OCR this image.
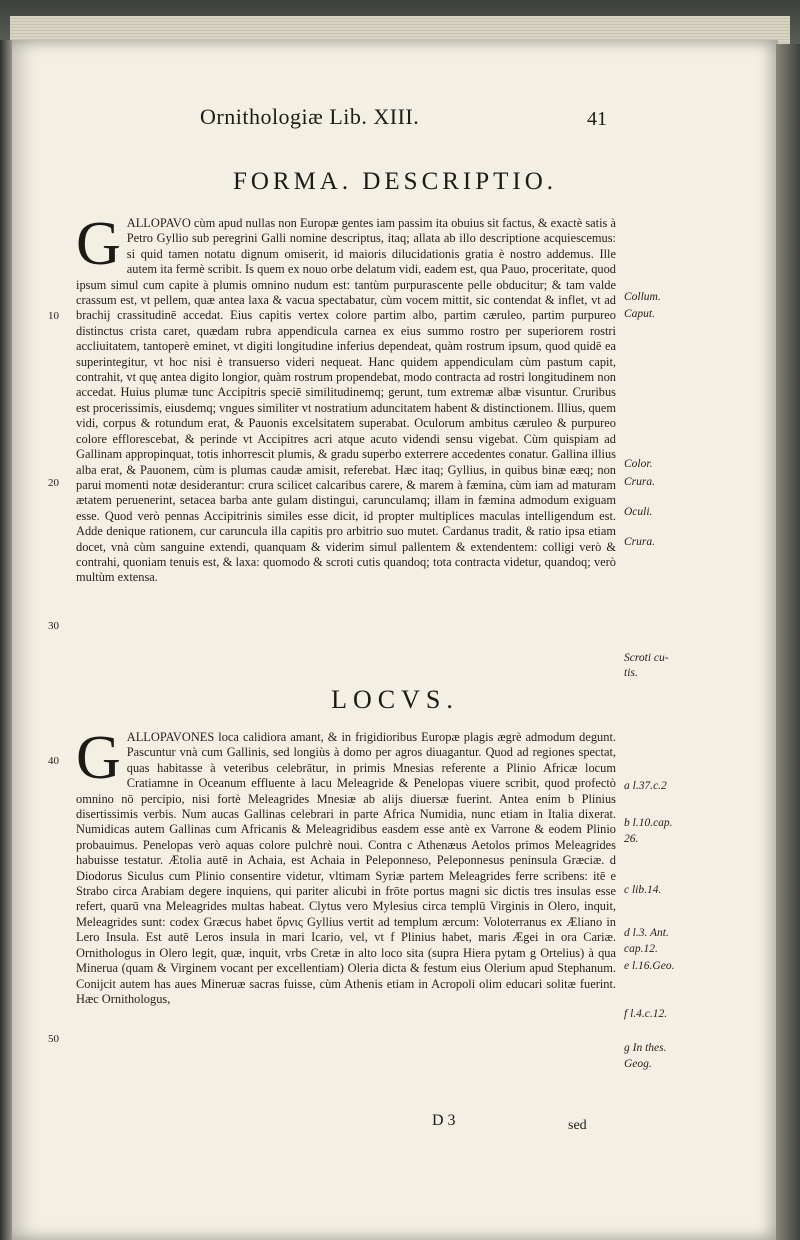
Ornithologiæ Lib. XIII.	41
FORMA. DESCRIPTIO.

GALLOPAVO cùm apud nullas non Europæ gentes iam passim ita obuius sit factus, & exactè satis à Petro Gyllio sub peregrini Galli nomine descriptus, itaq; allata ab illo descriptione acquiescemus: si quid tamen notatu dignum omiserit, id maioris dilucidationis gratia è nostro addemus. Ille autem ita fermè scribit. Is quem ex nouo orbe delatum vidi, eadem est, qua Pauo, proceritate, quod ipsum simul cum capite à plumis omnino nudum est: tantùm purpurascente pelle obducitur; & tam valde crassum est, vt pellem, quæ antea laxa & vacua spectabatur, cùm vocem mittit, sic contendat & inflet, vt ad brachij crassitudinē accedat. Eius capitis vertex colore partim albo, partim cæruleo, partim purpureo distinctus crista caret, quædam rubra appendicula carnea ex eius summo rostro per superiorem rostri accliuitatem, tantoperè eminet, vt digiti longitudine inferius dependeat, quàm rostrum ipsum, quod quidē ea superintegitur, vt hoc nisi è transuerso videri nequeat. Hanc quidem appendiculam cùm pastum capit, contrahit, vt quę antea digito longior, quàm rostrum propendebat, modo contracta ad rostri longitudinem non accedat. Huius plumæ tunc Accipitris speciē similitudinemq; gerunt, tum extremæ albæ visuntur. Cruribus est procerissimis, eiusdemq; vngues similiter vt nostratium aduncitatem habent & distinctionem. Illius, quem vidi, corpus & rotundum erat, & Pauonis excelsitatem superabat. Oculorum ambitus cæruleo & purpureo colore efflorescebat, & perinde vt Accipitres acri atque acuto videndi sensu vigebat. Cùm quispiam ad Gallinam appropinquat, totis inhorrescit plumis, & gradu superbo exterrere accedentes conatur. Gallina illius alba erat, & Pauonem, cùm is plumas caudæ amisit, referebat. Hæc itaq; Gyllius, in quibus binæ eæq; non parui momenti notæ desiderantur: crura scilicet calcaribus carere, & marem à fæmina, cùm iam ad maturam ætatem peruenerint, setacea barba ante gulam distingui, carunculamq; illam in fæmina admodum exiguam esse. Quod verò pennas Accipitrinis similes esse dicit, id propter multiplices maculas intelligendum est. Adde denique rationem, cur caruncula illa capitis pro arbitrio suo mutet. Cardanus tradit, & ratio ipsa etiam docet, vnà cùm sanguine extendi, quanquam & viderim simul pallentem & extendentem: colligi verò & contrahi, quoniam tenuis est, & laxa: quomodo & scroti cutis quandoq; tota contracta videtur, quandoq; verò multùm extensa.

10
20
30
40
50
LOCVS.

GALLOPAVONES loca calidiora amant, & in frigidioribus Europæ plagis ægrè admodum degunt. Pascuntur vnà cum Gallinis, sed longiùs à domo per agros diuagantur. Quod ad regiones spectat, quas habitasse à veteribus celebrātur, in primis Mnesias referente a Plinio Africæ locum Cratiamne in Oceanum effluente à lacu Meleagride & Penelopas viuere scribit, quod profectò omnino nō percipio, nisi fortè Meleagrides Mnesiæ ab alijs diuersæ fuerint. Antea enim b Plinius disertissimis verbis. Num aucas Gallinas celebrari in parte Africa Numidia, nunc etiam in Italia dixerat. Numidicas autem Gallinas cum Africanis & Meleagridibus easdem esse antè ex Varrone & eodem Plinio probauimus. Penelopas verò aquas colore pulchrè noui. Contra c Athenæus Aetolos primos Meleagrides habuisse testatur. Ætolia autē in Achaia, est Achaia in Peleponneso, Peleponnesus peninsula Græciæ. d Diodorus Siculus cum Plinio consentire videtur, vltimam Syriæ partem Meleagrides ferre scribens: itē e Strabo circa Arabiam degere inquiens, qui pariter alicubi in frōte portus magni sic dictis tres insulas esse refert, quarū vna Meleagrides multas habeat. Clytus vero Mylesius circa templū Virginis in Olero, inquit, Meleagrides sunt: codex Græcus habet ὄρνις Gyllius vertit ad templum ærcum: Voloterranus ex Æliano in Lero Insula. Est autē Leros insula in mari Icario, vel, vt f Plinius habet, maris Ægei in ora Cariæ. Ornithologus in Olero legit, quæ, inquit, vrbs Cretæ in alto loco sita (supra Hiera pytam g Ortelius) à qua Minerua (quam & Virginem vocant per excellentiam) Oleria dicta & festum eius Olerium apud Stephanum. Conijcit autem has aues Mineruæ sacras fuisse, cùm Athenis etiam in Acropoli olim educari solitæ fuerint. Hæc Ornithologus,

Collum.
Caput.
Color.
Crura.
Oculi.
Crura.
Scroti cu-
tis.
a l.37.c.2
b l.10.cap.
26.
c lib.14.
d l.3. Ant.
cap.12.
e l.16.Geo.
f l.4.c.12.
g In thes.
Geog.
D 3	sed
